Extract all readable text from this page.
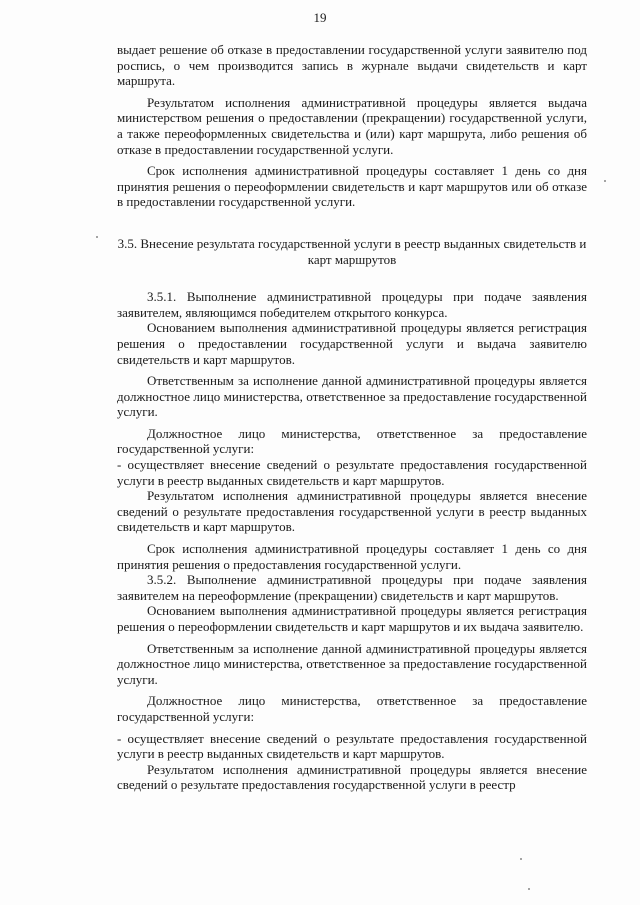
19

выдает решение об отказе в предоставлении государственной услуги заявителю под роспись, о чем производится запись в журнале выдачи свидетельств и карт маршрута.

Результатом исполнения административной процедуры является выдача министерством решения о предоставлении (прекращении) государственной услуги, а также переоформленных свидетельства и (или) карт маршрута, либо решения об отказе в предоставлении государственной услуги.

Срок исполнения административной процедуры составляет 1 день со дня принятия решения о переоформлении свидетельств и карт маршрутов или об отказе в предоставлении государственной услуги.

3.5. Внесение результата государственной услуги в реестр выданных свидетельств и карт маршрутов

3.5.1. Выполнение административной процедуры при подаче заявления заявителем, являющимся победителем открытого конкурса.

Основанием выполнения административной процедуры является регистрация решения о предоставлении государственной услуги и выдача заявителю свидетельств и карт маршрутов.

Ответственным за исполнение данной административной процедуры является должностное лицо министерства, ответственное за предоставление государственной услуги.

Должностное лицо министерства, ответственное за предоставление государственной услуги:

- осуществляет внесение сведений о результате предоставления государственной услуги в реестр выданных свидетельств и карт маршрутов.

Результатом исполнения административной процедуры является внесение сведений о результате предоставления государственной услуги в реестр выданных свидетельств и карт маршрутов.

Срок исполнения административной процедуры составляет 1 день со дня принятия решения о предоставления государственной услуги.

3.5.2. Выполнение административной процедуры при подаче заявления заявителем на переоформление (прекращении) свидетельств и карт маршрутов.

Основанием выполнения административной процедуры является регистрация решения о переоформлении свидетельств и карт маршрутов и их выдача заявителю.

Ответственным за исполнение данной административной процедуры является должностное лицо министерства, ответственное за предоставление государственной услуги.

Должностное лицо министерства, ответственное за предоставление государственной услуги:

- осуществляет внесение сведений о результате предоставления государственной услуги в реестр выданных свидетельств и карт маршрутов.

Результатом исполнения административной процедуры является внесение сведений о результате предоставления государственной услуги в реестр
